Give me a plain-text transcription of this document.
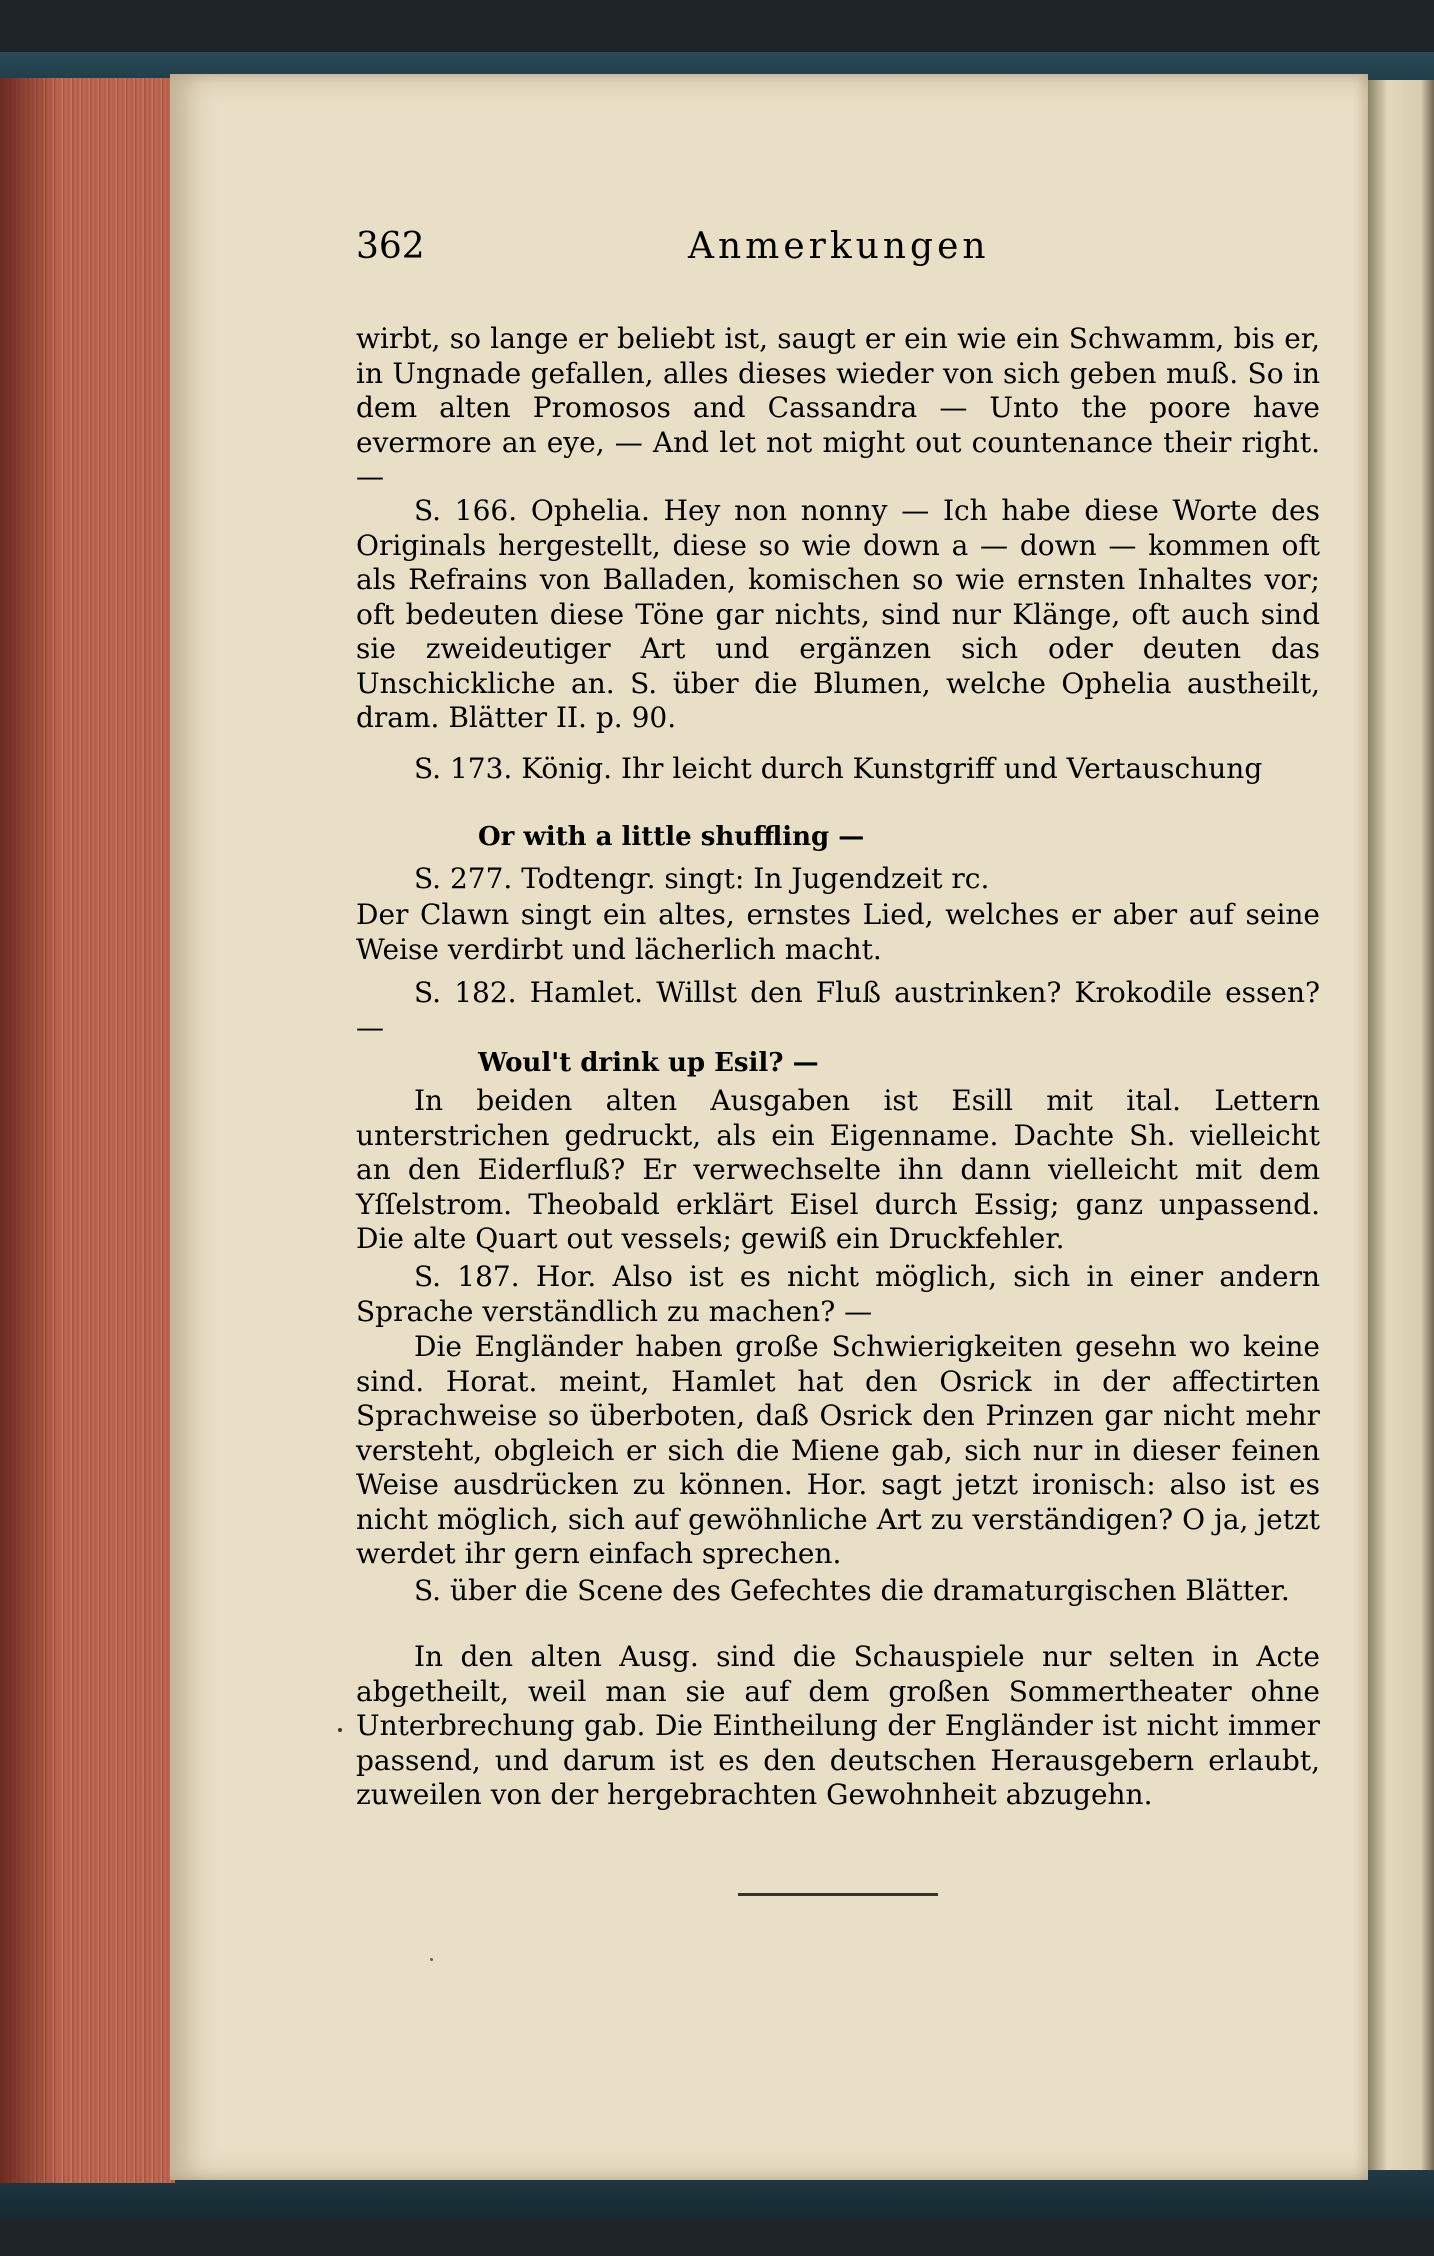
362	Anmerkungen

wirbt, so lange er beliebt ist, saugt er ein wie ein Schwamm, bis er, in Ungnade gefallen, alles dieses wieder von sich geben muß. So in dem alten Promosos and Cassandra — Unto the poore have evermore an eye, — And let not might out countenance their right. —

S. 166. Ophelia. Hey non nonny — Ich habe diese Worte des Originals hergestellt, diese so wie down a — down — kommen oft als Refrains von Balladen, komischen so wie ernsten Inhaltes vor; oft bedeuten diese Töne gar nichts, sind nur Klänge, oft auch sind sie zweideutiger Art und ergänzen sich oder deuten das Unschickliche an. S. über die Blumen, welche Ophelia austheilt, dram. Blätter II. p. 90.

S. 173. König. Ihr leicht durch Kunstgriff und Vertauschung

Or with a little shuffling —

S. 277. Todtengr. singt: In Jugendzeit rc.

Der Clawn singt ein altes, ernstes Lied, welches er aber auf seine Weise verdirbt und lächerlich macht.

S. 182. Hamlet. Willst den Fluß austrinken? Krokodile essen? —

Woul't drink up Esil? —

In beiden alten Ausgaben ist Esill mit ital. Lettern unterstrichen gedruckt, als ein Eigenname. Dachte Sh. vielleicht an den Eiderfluß? Er verwechselte ihn dann vielleicht mit dem Yſſelstrom. Theobald erklärt Eisel durch Essig; ganz unpassend. Die alte Quart out vessels; gewiß ein Druckfehler.

S. 187. Hor. Also ist es nicht möglich, sich in einer andern Sprache verständlich zu machen? —

Die Engländer haben große Schwierigkeiten gesehn wo keine sind. Horat. meint, Hamlet hat den Osrick in der affectirten Sprachweise so überboten, daß Osrick den Prinzen gar nicht mehr versteht, obgleich er sich die Miene gab, sich nur in dieser feinen Weise ausdrücken zu können. Hor. sagt jetzt ironisch: also ist es nicht möglich, sich auf gewöhnliche Art zu verständigen? O ja, jetzt werdet ihr gern einfach sprechen.

S. über die Scene des Gefechtes die dramaturgischen Blätter.

In den alten Ausg. sind die Schauspiele nur selten in Acte abgetheilt, weil man sie auf dem großen Sommertheater ohne Unterbrechung gab. Die Eintheilung der Engländer ist nicht immer passend, und darum ist es den deutschen Herausgebern erlaubt, zuweilen von der hergebrachten Gewohnheit abzugehn.
